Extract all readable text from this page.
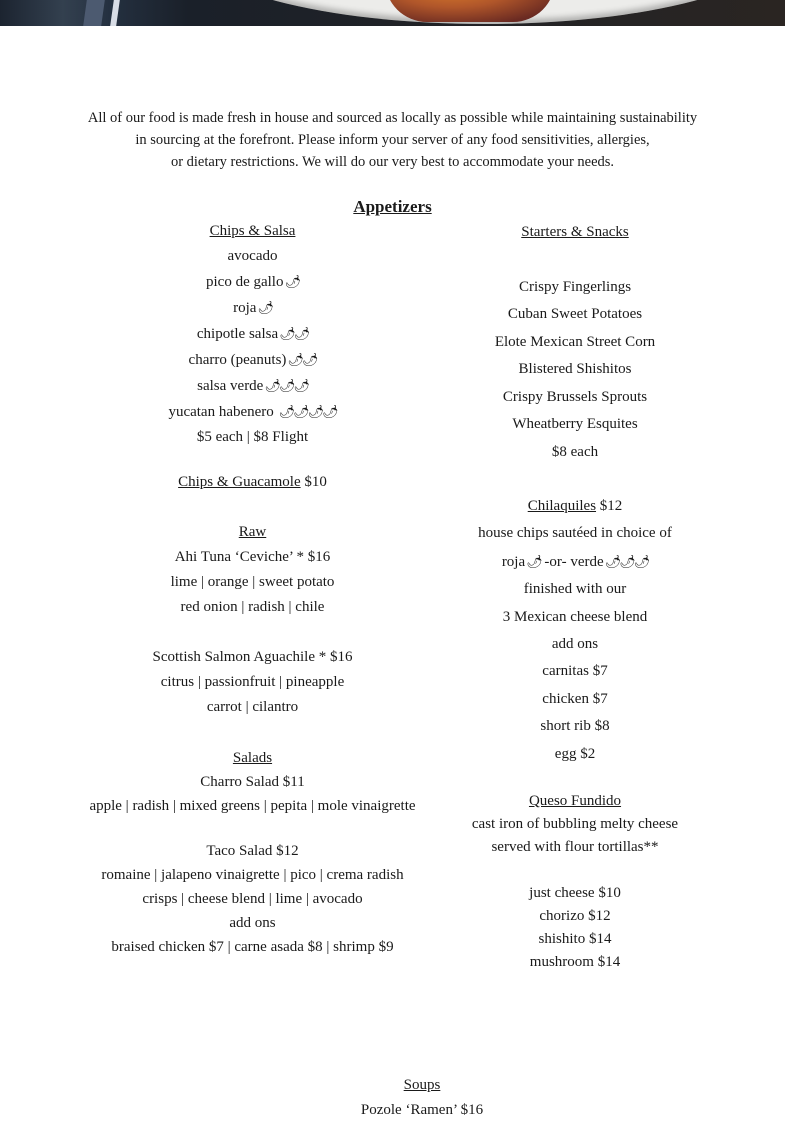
All of our food is made fresh in house and sourced as locally as possible while maintaining sustainability
in sourcing at the forefront. Please inform your server of any food sensitivities, allergies,
or dietary restrictions. We will do our very best to accommodate your needs.
Appetizers
Chips & Salsa
avocado
pico de gallo🌶
roja🌶
chipotle salsa🌶🌶
charro (peanuts)🌶🌶
salsa verde🌶🌶🌶
yucatan habenero 🌶🌶🌶🌶
$5 each | $8 Flight
Chips & Guacamole $10
Raw
Ahi Tuna ‘Ceviche’ * $16
lime | orange | sweet potato
red onion | radish | chile
Scottish Salmon Aguachile * $16
citrus | passionfruit | pineapple
carrot | cilantro
Salads
Charro Salad $11
apple | radish | mixed greens | pepita | mole vinaigrette
Taco Salad $12
romaine | jalapeno vinaigrette | pico | crema radish
crisps | cheese blend | lime | avocado
add ons
braised chicken $7 | carne asada $8 | shrimp $9
Starters & Snacks
Crispy Fingerlings
Cuban Sweet Potatoes
Elote Mexican Street Corn
Blistered Shishitos
Crispy Brussels Sprouts
Wheatberry Esquites
$8 each
Chilaquiles $12
house chips sautéed in choice of
roja🌶 -or- verde🌶🌶🌶
finished with our
3 Mexican cheese blend
add ons
carnitas $7
chicken $7
short rib $8
egg $2
Queso Fundido
cast iron of bubbling melty cheese
served with flour tortillas**
just cheese $10
chorizo $12
shishito $14
mushroom $14
Soups
Pozole ‘Ramen’ $16
